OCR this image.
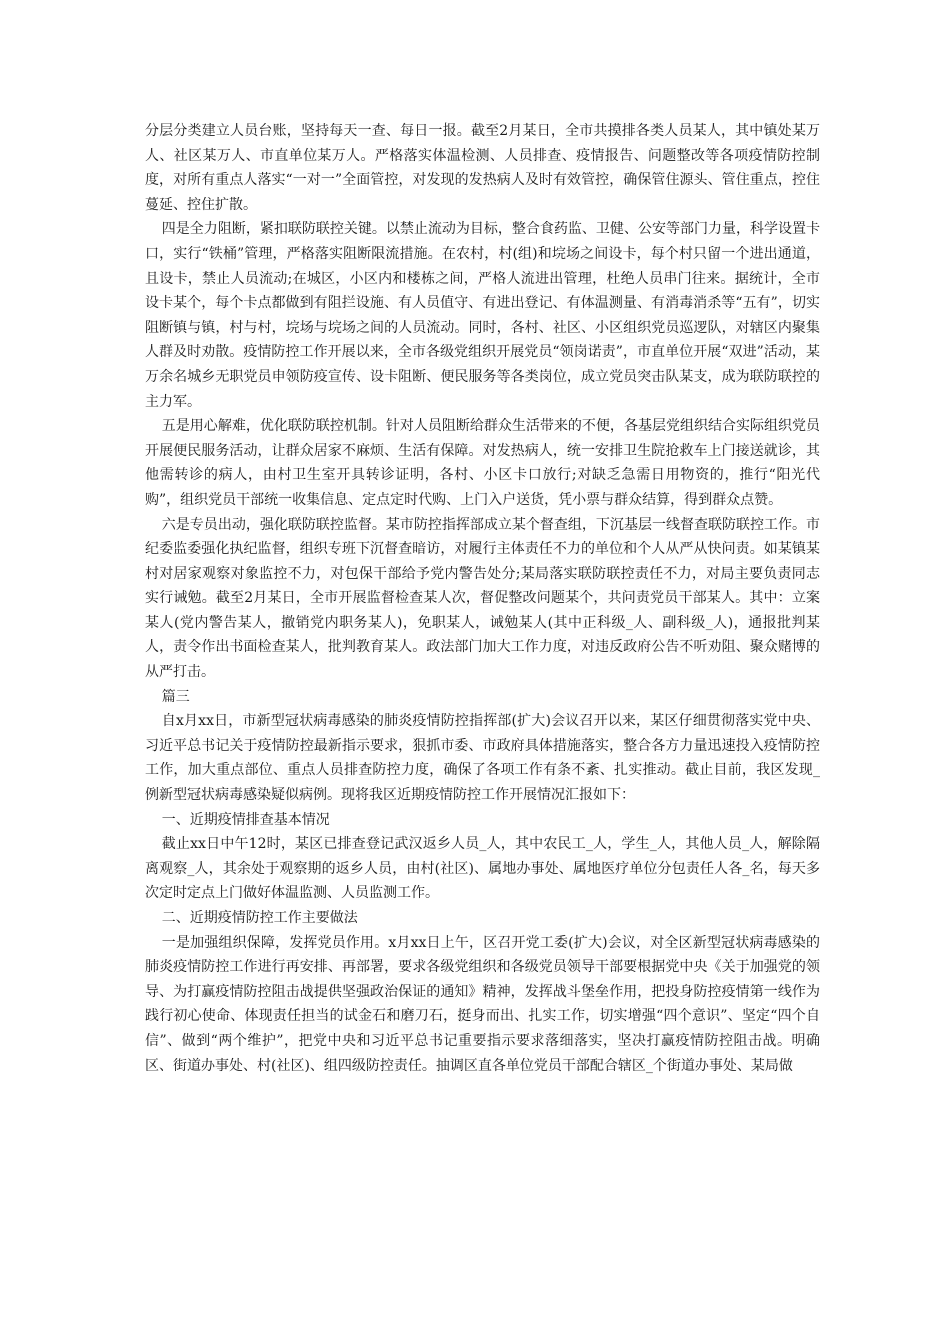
分层分类建立人员台账，坚持每天一查、每日一报。截至2月某日，全市共摸排各类人员某人，其中镇处某万人、社区某万人、市直单位某万人。严格落实体温检测、人员排查、疫情报告、问题整改等各项疫情防控制度，对所有重点人落实“一对一”全面管控，对发现的发热病人及时有效管控，确保管住源头、管住重点，控住蔓延、控住扩散。

四是全力阻断，紧扣联防联控关键。以禁止流动为目标，整合食药监、卫健、公安等部门力量，科学设置卡口，实行“铁桶”管理，严格落实阻断限流措施。在农村，村(组)和垸场之间设卡，每个村只留一个进出通道，且设卡，禁止人员流动;在城区，小区内和楼栋之间，严格人流进出管理，杜绝人员串门往来。据统计，全市设卡某个，每个卡点都做到有阻拦设施、有人员值守、有进出登记、有体温测量、有消毒消杀等“五有”，切实阻断镇与镇，村与村，垸场与垸场之间的人员流动。同时，各村、社区、小区组织党员巡逻队，对辖区内聚集人群及时劝散。疫情防控工作开展以来，全市各级党组织开展党员“领岗诺责”，市直单位开展“双进”活动，某万余名城乡无职党员申领防疫宣传、设卡阻断、便民服务等各类岗位，成立党员突击队某支，成为联防联控的主力军。

五是用心解难，优化联防联控机制。针对人员阻断给群众生活带来的不便，各基层党组织结合实际组织党员开展便民服务活动，让群众居家不麻烦、生活有保障。对发热病人，统一安排卫生院抢救车上门接送就诊，其他需转诊的病人，由村卫生室开具转诊证明，各村、小区卡口放行;对缺乏急需日用物资的，推行“阳光代购”，组织党员干部统一收集信息、定点定时代购、上门入户送货，凭小票与群众结算，得到群众点赞。

六是专员出动，强化联防联控监督。某市防控指挥部成立某个督查组，下沉基层一线督查联防联控工作。市纪委监委强化执纪监督，组织专班下沉督查暗访，对履行主体责任不力的单位和个人从严从快问责。如某镇某村对居家观察对象监控不力，对包保干部给予党内警告处分;某局落实联防联控责任不力，对局主要负责同志实行诫勉。截至2月某日，全市开展监督检查某人次，督促整改问题某个，共问责党员干部某人。其中：立案某人(党内警告某人，撤销党内职务某人)，免职某人，诫勉某人(其中正科级_人、副科级_人)，通报批判某人，责令作出书面检查某人，批判教育某人。政法部门加大工作力度，对违反政府公告不听劝阻、聚众赌博的从严打击。

篇三

自x月xx日，市新型冠状病毒感染的肺炎疫情防控指挥部(扩大)会议召开以来，某区仔细贯彻落实党中央、习近平总书记关于疫情防控最新指示要求，狠抓市委、市政府具体措施落实，整合各方力量迅速投入疫情防控工作，加大重点部位、重点人员排查防控力度，确保了各项工作有条不紊、扎实推动。截止目前，我区发现_例新型冠状病毒感染疑似病例。现将我区近期疫情防控工作开展情况汇报如下：

一、近期疫情排查基本情况

截止xx日中午12时，某区已排查登记武汉返乡人员_人，其中农民工_人，学生_人，其他人员_人，解除隔离观察_人，其余处于观察期的返乡人员，由村(社区)、属地办事处、属地医疗单位分包责任人各_名，每天多次定时定点上门做好体温监测、人员监测工作。

二、近期疫情防控工作主要做法

一是加强组织保障，发挥党员作用。x月xx日上午，区召开党工委(扩大)会议，对全区新型冠状病毒感染的肺炎疫情防控工作进行再安排、再部署，要求各级党组织和各级党员领导干部要根据党中央《关于加强党的领导、为打赢疫情防控阻击战提供坚强政治保证的通知》精神，发挥战斗堡垒作用，把投身防控疫情第一线作为践行初心使命、体现责任担当的试金石和磨刀石，挺身而出、扎实工作，切实增强“四个意识”、坚定“四个自信”、做到“两个维护”，把党中央和习近平总书记重要指示要求落细落实，坚决打赢疫情防控阻击战。明确区、街道办事处、村(社区)、组四级防控责任。抽调区直各单位党员干部配合辖区_个街道办事处、某局做
